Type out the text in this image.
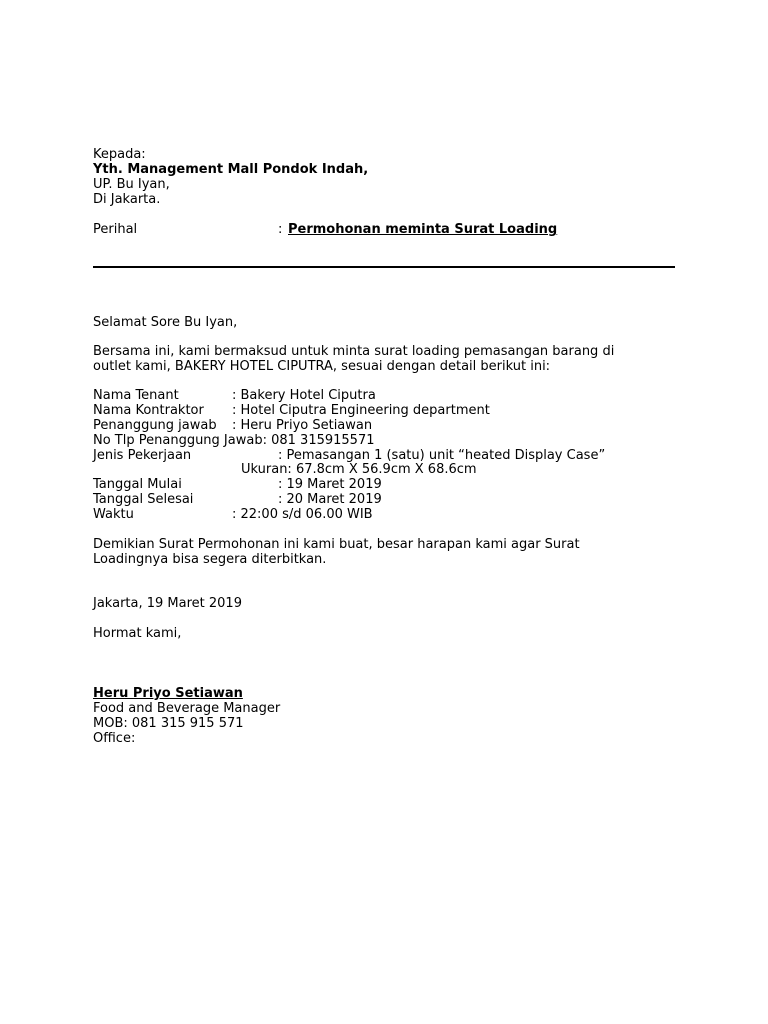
Kepada:
Yth. Management Mall Pondok Indah,
UP. Bu Iyan,
Di Jakarta.
Perihal	: Permohonan meminta Surat Loading
Selamat Sore Bu Iyan,
Bersama ini, kami bermaksud untuk minta surat loading pemasangan barang di
outlet kami, BAKERY HOTEL CIPUTRA, sesuai dengan detail berikut ini:
Nama Tenant	: Bakery Hotel Ciputra
Nama Kontraktor : Hotel Ciputra Engineering department
Penanggung jawab : Heru Priyo Setiawan
No Tlp Penanggung Jawab: 081 315915571
Jenis Pekerjaan	: Pemasangan 1 (satu) unit “heated Display Case”
Ukuran: 67.8cm X 56.9cm X 68.6cm
Tanggal Mulai	: 19 Maret 2019
Tanggal Selesai	: 20 Maret 2019
Waktu	: 22:00 s/d 06.00 WIB
Demikian Surat Permohonan ini kami buat, besar harapan kami agar Surat
Loadingnya bisa segera diterbitkan.
Jakarta, 19 Maret 2019
Hormat kami,
Heru Priyo Setiawan
Food and Beverage Manager
MOB: 081 315 915 571
Office:
